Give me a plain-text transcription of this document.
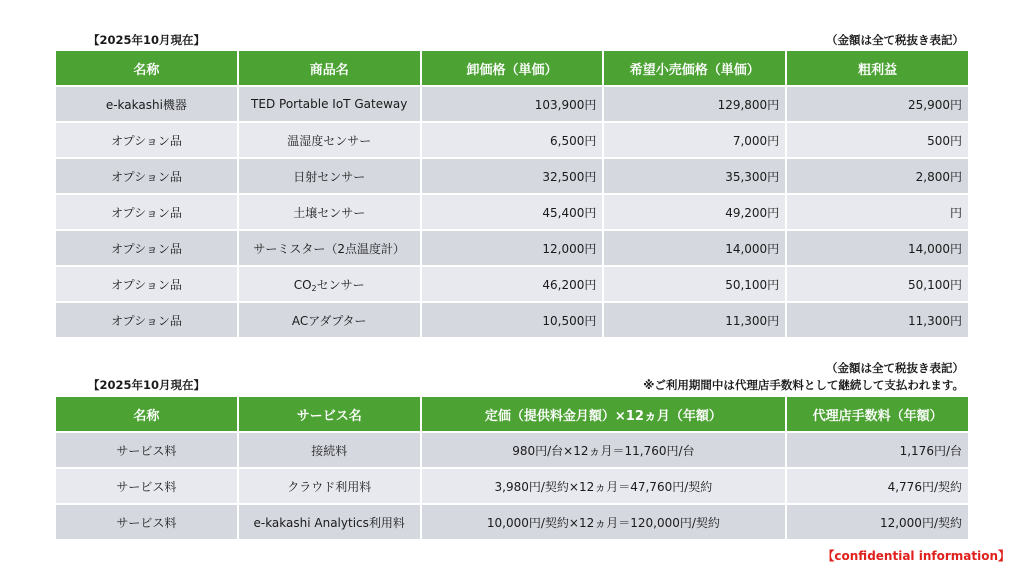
【2025年10月現在】	（金額は全て税抜き表記）
名称	商品名	卸価格（単価）	希望小売価格（単価）	粗利益
e-kakashi機器	TED Portable IoT Gateway	103,900円	129,800円	25,900円
オプション品	温湿度センサー	6,500円	7,000円	500円
オプション品	日射センサー	32,500円	35,300円	2,800円
オプション品	土壌センサー	45,400円	49,200円	円
オプション品	サーミスター（2点温度計）	12,000円	14,000円	14,000円
オプション品	$CO_2$センサー	46,200円	50,100円	50,100円
オプション品	ACアダプター	10,500円	11,300円	11,300円
（金額は全て税抜き表記）
【2025年10月現在】	※ご利用期間中は代理店手数料として継続して支払われます。
名称	サービス名	定価（提供料金月額）×12ヵ月（年額）	代理店手数料（年額）
サービス料	接続料	980円/台×12ヵ月＝11,760円/台	1,176円/台
サービス料	クラウド利用料	3,980円/契約×12ヵ月＝47,760円/契約	4,776円/契約
サービス料	e-kakashi Analytics利用料	10,000円/契約×12ヵ月＝120,000円/契約	12,000円/契約
【confidential information】
